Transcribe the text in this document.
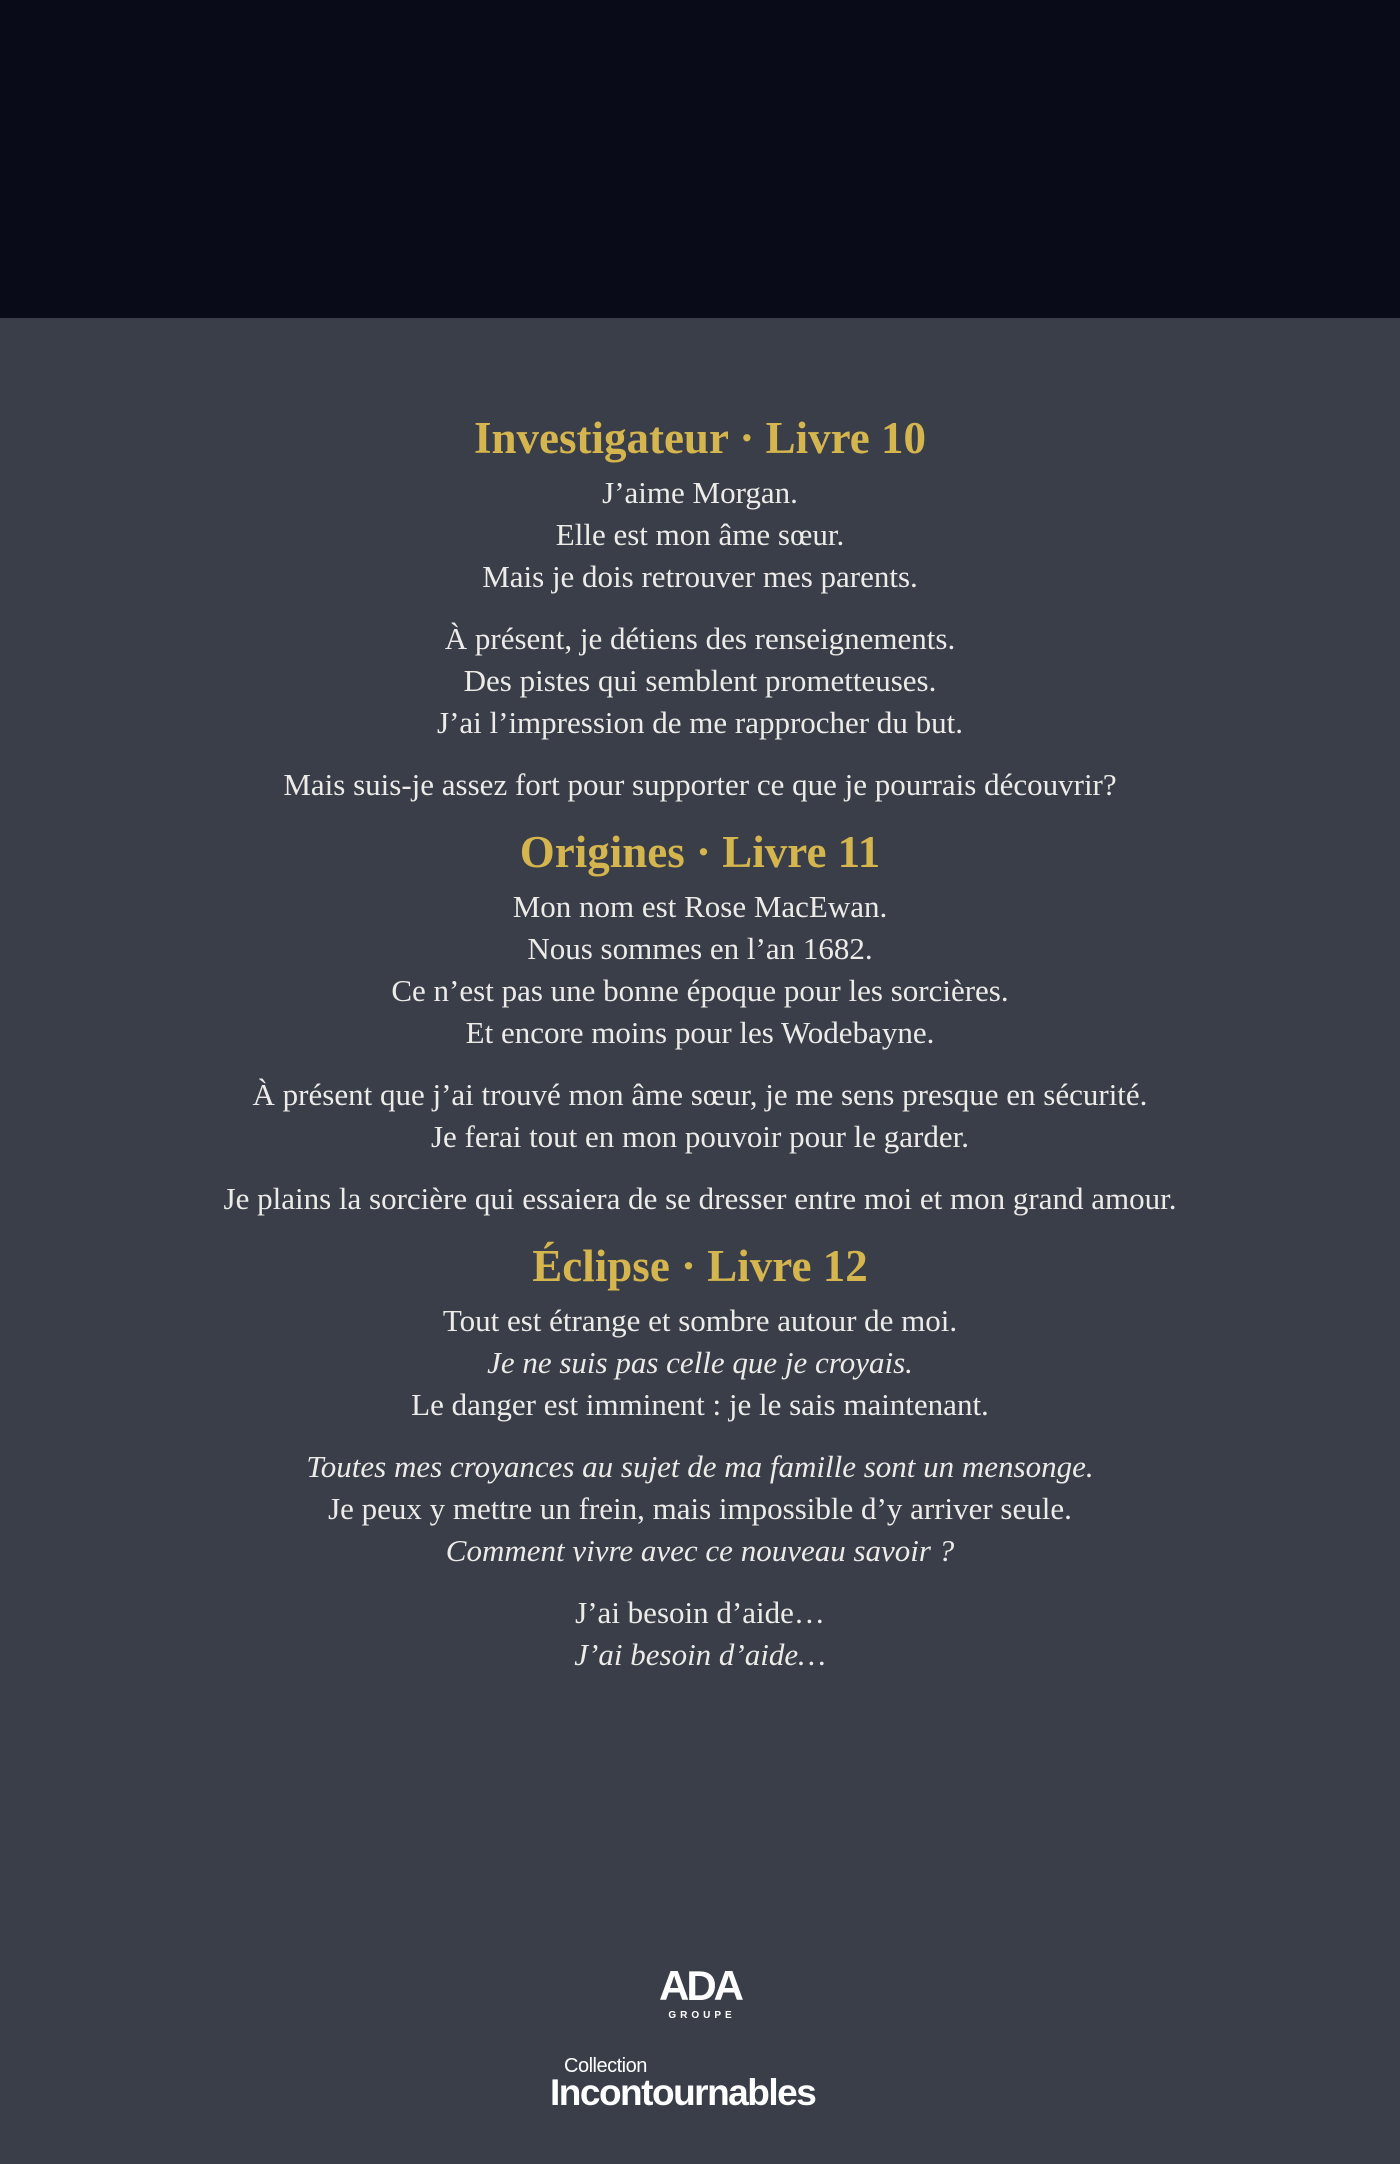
Investigateur · Livre 10
J’aime Morgan.
Elle est mon âme sœur.
Mais je dois retrouver mes parents.
À présent, je détiens des renseignements.
Des pistes qui semblent prometteuses.
J’ai l’impression de me rapprocher du but.
Mais suis-je assez fort pour supporter ce que je pourrais découvrir?
Origines · Livre 11
Mon nom est Rose MacEwan.
Nous sommes en l’an 1682.
Ce n’est pas une bonne époque pour les sorcières.
Et encore moins pour les Wodebayne.
À présent que j’ai trouvé mon âme sœur, je me sens presque en sécurité.
Je ferai tout en mon pouvoir pour le garder.
Je plains la sorcière qui essaiera de se dresser entre moi et mon grand amour.
Éclipse · Livre 12
Tout est étrange et sombre autour de moi.
Je ne suis pas celle que je croyais.
Le danger est imminent : je le sais maintenant.
Toutes mes croyances au sujet de ma famille sont un mensonge.
Je peux y mettre un frein, mais impossible d’y arriver seule.
Comment vivre avec ce nouveau savoir ?
J’ai besoin d’aide…
J’ai besoin d’aide…
ADA
GROUPE
Collection
Incontournables
